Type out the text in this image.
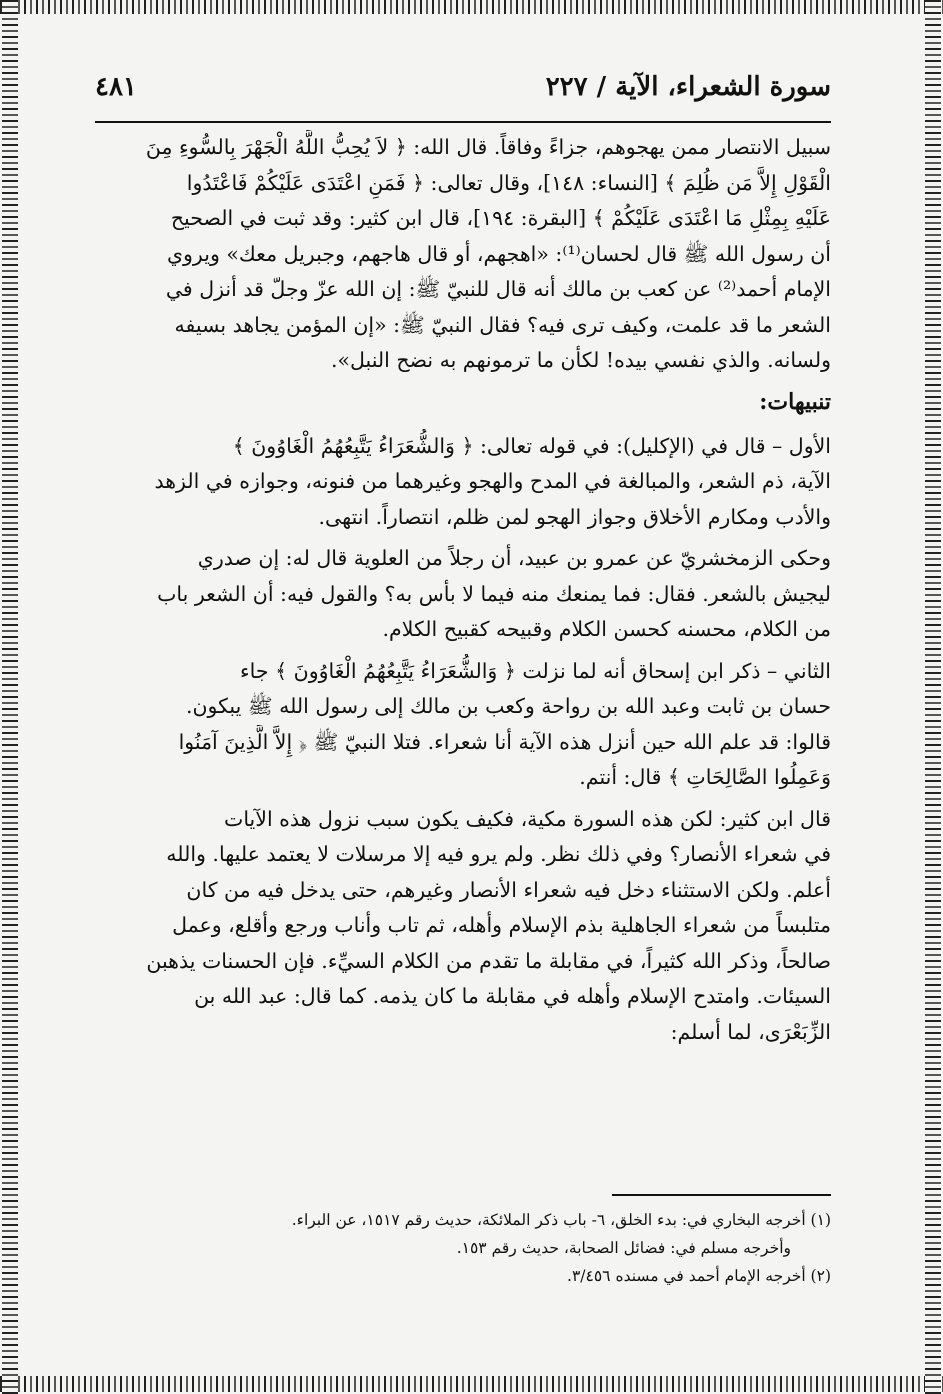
سورة الشعراء، الآية / ٢٢٧
٤٨١
سبيل الانتصار ممن يهجوهم، جزاءً وفاقاً. قال الله: ﴿ لاَ يُحِبُّ اللَّهُ الْجَهْرَ بِالسُّوءِ مِنَ
الْقَوْلِ إِلاَّ مَن ظُلِمَ ﴾ [النساء: ١٤٨]، وقال تعالى: ﴿ فَمَنِ اعْتَدَى عَلَيْكُمْ فَاعْتَدُوا
عَلَيْهِ بِمِثْلِ مَا اعْتَدَى عَلَيْكُمْ ﴾ [البقرة: ١٩٤]، قال ابن كثير: وقد ثبت في الصحيح
أن رسول الله ﷺ قال لحسان⁽¹⁾: «اهجهم، أو قال هاجهم، وجبريل معك» ويروي
الإمام أحمد⁽²⁾ عن كعب بن مالك أنه قال للنبيّ ﷺ: إن الله عزّ وجلّ قد أنزل في
الشعر ما قد علمت، وكيف ترى فيه؟ فقال النبيّ ﷺ: «إن المؤمن يجاهد بسيفه
ولسانه. والذي نفسي بيده! لكأن ما ترمونهم به نضح النبل».
تنبيهات:
الأول – قال في (الإكليل): في قوله تعالى: ﴿ وَالشُّعَرَاءُ يَتَّبِعُهُمُ الْغَاوُونَ ﴾
الآية، ذم الشعر، والمبالغة في المدح والهجو وغيرهما من فنونه، وجوازه في الزهد
والأدب ومكارم الأخلاق وجواز الهجو لمن ظلم، انتصاراً. انتهى.
وحكى الزمخشريّ عن عمرو بن عبيد، أن رجلاً من العلوية قال له: إن صدري
ليجيش بالشعر. فقال: فما يمنعك منه فيما لا بأس به؟ والقول فيه: أن الشعر باب
من الكلام، محسنه كحسن الكلام وقبيحه كقبيح الكلام.
الثاني – ذكر ابن إسحاق أنه لما نزلت ﴿ وَالشُّعَرَاءُ يَتَّبِعُهُمُ الْغَاوُونَ ﴾ جاء
حسان بن ثابت وعبد الله بن رواحة وكعب بن مالك إلى رسول الله ﷺ يبكون.
قالوا: قد علم الله حين أنزل هذه الآية أنا شعراء. فتلا النبيّ ﷺ ﴿ إِلاَّ الَّذِينَ آمَنُوا
وَعَمِلُوا الصَّالِحَاتِ ﴾ قال: أنتم.
قال ابن كثير: لكن هذه السورة مكية، فكيف يكون سبب نزول هذه الآيات
في شعراء الأنصار؟ وفي ذلك نظر. ولم يرو فيه إلا مرسلات لا يعتمد عليها. والله
أعلم. ولكن الاستثناء دخل فيه شعراء الأنصار وغيرهم، حتى يدخل فيه من كان
متلبساً من شعراء الجاهلية بذم الإسلام وأهله، ثم تاب وأناب ورجع وأقلع، وعمل
صالحاً، وذكر الله كثيراً، في مقابلة ما تقدم من الكلام السيِّء. فإن الحسنات يذهبن
السيئات. وامتدح الإسلام وأهله في مقابلة ما كان يذمه. كما قال: عبد الله بن
الزِّبَعْرَى، لما أسلم:
(١) أخرجه البخاري في: بدء الخلق، ٦- باب ذكر الملائكة، حديث رقم ١٥١٧، عن البراء.
وأخرجه مسلم في: فضائل الصحابة، حديث رقم ١٥٣.
(٢) أخرجه الإمام أحمد في مسنده ٣/٤٥٦.
